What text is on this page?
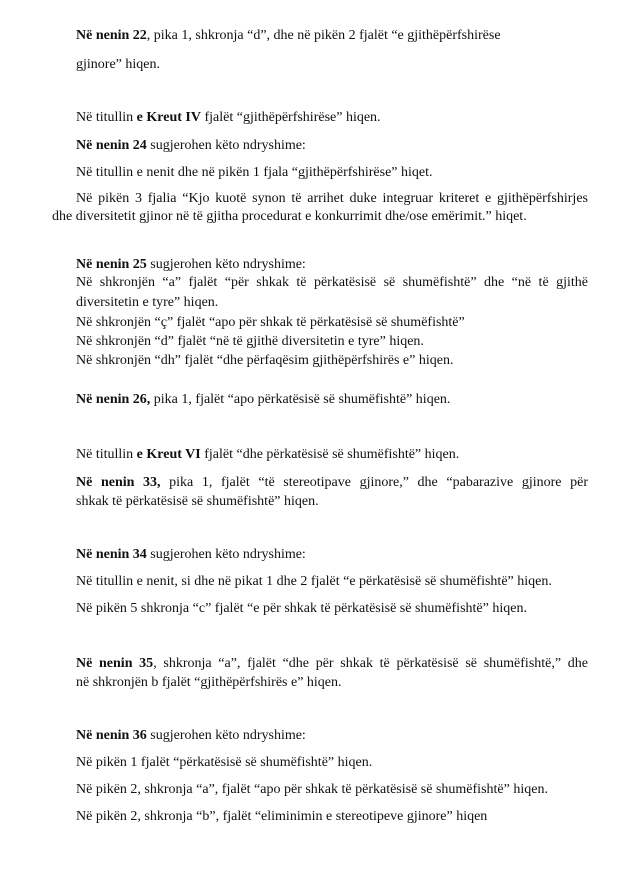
Në nenin 22, pika 1, shkronja “d”, dhe në pikën 2 fjalët “e gjithëpërfshirëse
gjinore” hiqen.
Në titullin e Kreut IV fjalët “gjithëpërfshirëse” hiqen.
Në nenin 24 sugjerohen këto ndryshime:
Në titullin e nenit dhe në pikën 1 fjala “gjithëpërfshirëse” hiqet.
Në pikën 3 fjalia “Kjo kuotë synon të arrihet duke integruar kriteret e gjithëpërfshirjes
dhe diversitetit gjinor në të gjitha procedurat e konkurrimit dhe/ose emërimit.” hiqet.
Në nenin 25 sugjerohen këto ndryshime:
Në shkronjën “a” fjalët “për shkak të përkatësisë së shumëfishtë” dhe “në të gjithë
diversitetin e tyre” hiqen.
Në shkronjën “ç” fjalët “apo për shkak të përkatësisë së shumëfishtë”
Në shkronjën “d” fjalët “në të gjithë diversitetin e tyre” hiqen.
Në shkronjën “dh” fjalët “dhe përfaqësim gjithëpërfshirës e” hiqen.
Në nenin 26, pika 1, fjalët “apo përkatësisë së shumëfishtë” hiqen.
Në titullin e Kreut VI fjalët “dhe përkatësisë së shumëfishtë” hiqen.
Në nenin 33, pika 1, fjalët “të stereotipave gjinore,” dhe “pabarazive gjinore për
shkak të përkatësisë së shumëfishtë” hiqen.
Në nenin 34 sugjerohen këto ndryshime:
Në titullin e nenit, si dhe në pikat 1 dhe 2 fjalët “e përkatësisë së shumëfishtë” hiqen.
Në pikën 5 shkronja “c” fjalët “e për shkak të përkatësisë së shumëfishtë” hiqen.
Në nenin 35, shkronja “a”, fjalët “dhe për shkak të përkatësisë së shumëfishtë,” dhe
në shkronjën b fjalët “gjithëpërfshirës e” hiqen.
Në nenin 36 sugjerohen këto ndryshime:
Në pikën 1 fjalët “përkatësisë së shumëfishtë” hiqen.
Në pikën 2, shkronja “a”, fjalët “apo për shkak të përkatësisë së shumëfishtë” hiqen.
Në pikën 2, shkronja “b”, fjalët “eliminimin e stereotipeve gjinore” hiqen
